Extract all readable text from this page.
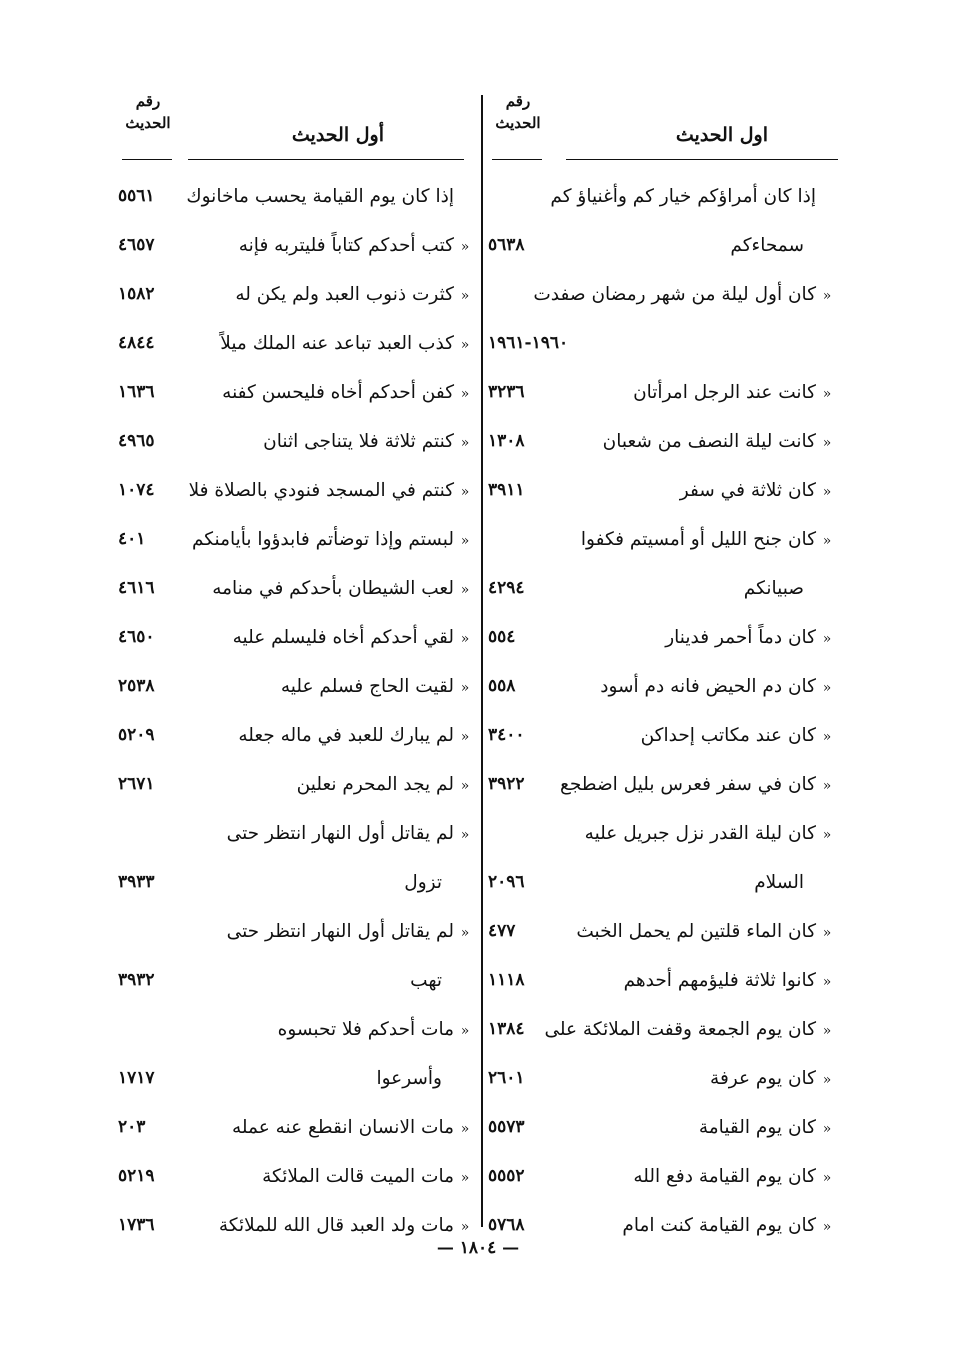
رقم
الحديث
اول الحديث
إذا كان أمراؤكم خيار كم وأغنياؤ كم
سمحاءكم
٥٦٣٨
«كان أول ليلة من شهر رمضان صفدت
١٩٦٠-١٩٦١
«كانت عند الرجل امرأتان
٣٢٣٦
«كانت ليلة النصف من شعبان
١٣٠٨
«كان ثلاثة في سفر
٣٩١١
«كان جنح الليل أو أمسيتم فكفوا
صبيانكم
٤٢٩٤
«كان دماً أحمر فدينار
٥٥٤
«كان دم الحيض فانه دم أسود
٥٥٨
«كان عند مكاتب إحداكن
٣٤٠٠
«كان في سفر فعرس بليل اضطجع
٣٩٢٢
«كان ليلة القدر نزل جبريل عليه
السلام
٢٠٩٦
«كان الماء قلتين لم يحمل الخبث
٤٧٧
«كانوا ثلاثة فليؤمهم أحدهم
١١١٨
«كان يوم الجمعة وقفت الملائكة على
١٣٨٤
«كان يوم عرفة
٢٦٠١
«كان يوم القيامة
٥٥٧٣
«كان يوم القيامة دفع الله
٥٥٥٢
«كان يوم القيامة كنت امام
٥٧٦٨
رقم
الحديث
أول الحديث
إذا كان يوم القيامة يحسب ماخانوك
٥٥٦١
«كتب أحدكم كتاباً فليتربه فإنه
٤٦٥٧
«كثرت ذنوب العبد ولم يكن له
١٥٨٢
«كذب العبد تباعد عنه الملك ميلاً
٤٨٤٤
«كفن أحدكم أخاه فليحسن كفنه
١٦٣٦
«كنتم ثلاثة فلا يتناجى اثنان
٤٩٦٥
«كنتم في المسجد فنودي بالصلاة فلا
١٠٧٤
«لبستم وإذا توضأتم فابدؤوا بأيامنكم
٤٠١
«لعب الشيطان بأحدكم في منامه
٤٦١٦
«لقي أحدكم أخاه فليسلم عليه
٤٦٥٠
«لقيت الحاج فسلم عليه
٢٥٣٨
«لم يبارك للعبد في ماله جعله
٥٢٠٩
«لم يجد المحرم نعلين
٢٦٧١
«لم يقاتل أول النهار انتظر حتى
تزول
٣٩٣٣
«لم يقاتل أول النهار انتظر حتى
تهب
٣٩٣٢
«مات أحدكم فلا تحبسوه
وأسرعوا
١٧١٧
«مات الانسان انقطع عنه عمله
٢٠٣
«مات الميت قالت الملائكة
٥٢١٩
«مات ولد العبد قال الله للملائكة
١٧٣٦
— ١٨٠٤ —
